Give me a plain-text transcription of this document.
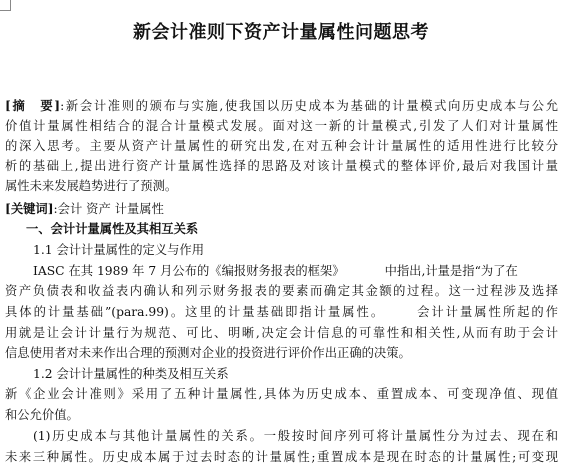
新会计准则下资产计量属性问题思考
[摘　要]:新会计准则的颁布与实施,使我国以历史成本为基础的计量模式向历史成本与公允
价值计量属性相结合的混合计量模式发展。面对这一新的计量模式,引发了人们对计量属性
的深入思考。主要从资产计量属性的研究出发,在对五种会计计量属性的适用性进行比较分
析的基础上,提出进行资产计量属性选择的思路及对该计量模式的整体评价,最后对我国计量
属性未来发展趋势进行了预测。
[关键词]:会计 资产 计量属性
一、会计计量属性及其相互关系
1.1 会计计量属性的定义与作用
IASC 在其 1989 年 7 月公布的《编报财务报表的框架》	中指出,计量是指“为了在
资产负债表和收益表内确认和列示财务报表的要素而确定其金额的过程。这一过程涉及选择
具体的计量基础”(para.99)。这里的计量基础即指计量属性。 会计计量属性所起的作
用就是让会计计量行为规范、可比、明晰,决定会计信息的可靠性和相关性,从而有助于会计
信息使用者对未来作出合理的预测对企业的投资进行评价作出正确的决策。
1.2 会计计量属性的种类及相互关系
新《企业会计准则》采用了五种计量属性,具体为历史成本、重置成本、可变现净值、现值
和公允价值。
(1)历史成本与其他计量属性的关系。一般按时间序列可将计量属性分为过去、现在和
未来三种属性。历史成本属于过去时态的计量属性;重置成本是现在时态的计量属性;可变现
